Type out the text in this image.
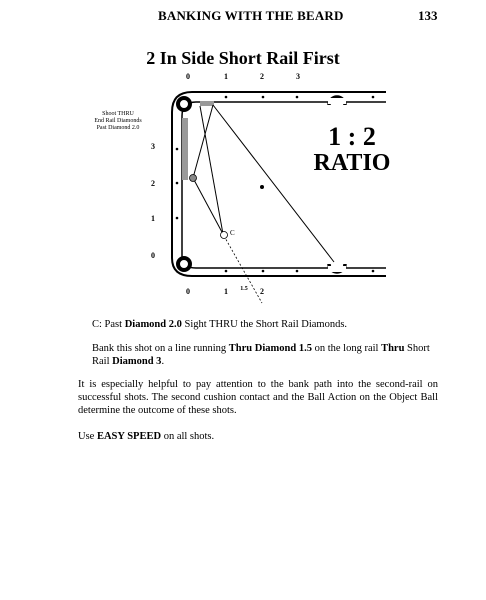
BANKING WITH THE BEARD	133
2 In Side Short Rail First
0	1	2	3
3
2
1
0
0	1 1.5 2
Shoot THRU
End Rail Diamonds
Past Diamond 2.0	1 : 2
RATIO
C
C: Past Diamond 2.0 Sight THRU the Short Rail Diamonds.
Bank this shot on a line running Thru Diamond 1.5 on the long rail Thru Short Rail Diamond 3.
It is especially helpful to pay attention to the bank path into the second-rail on successful shots. The second cushion contact and the Ball Action on the Object Ball determine the outcome of these shots.
Use EASY SPEED on all shots.
